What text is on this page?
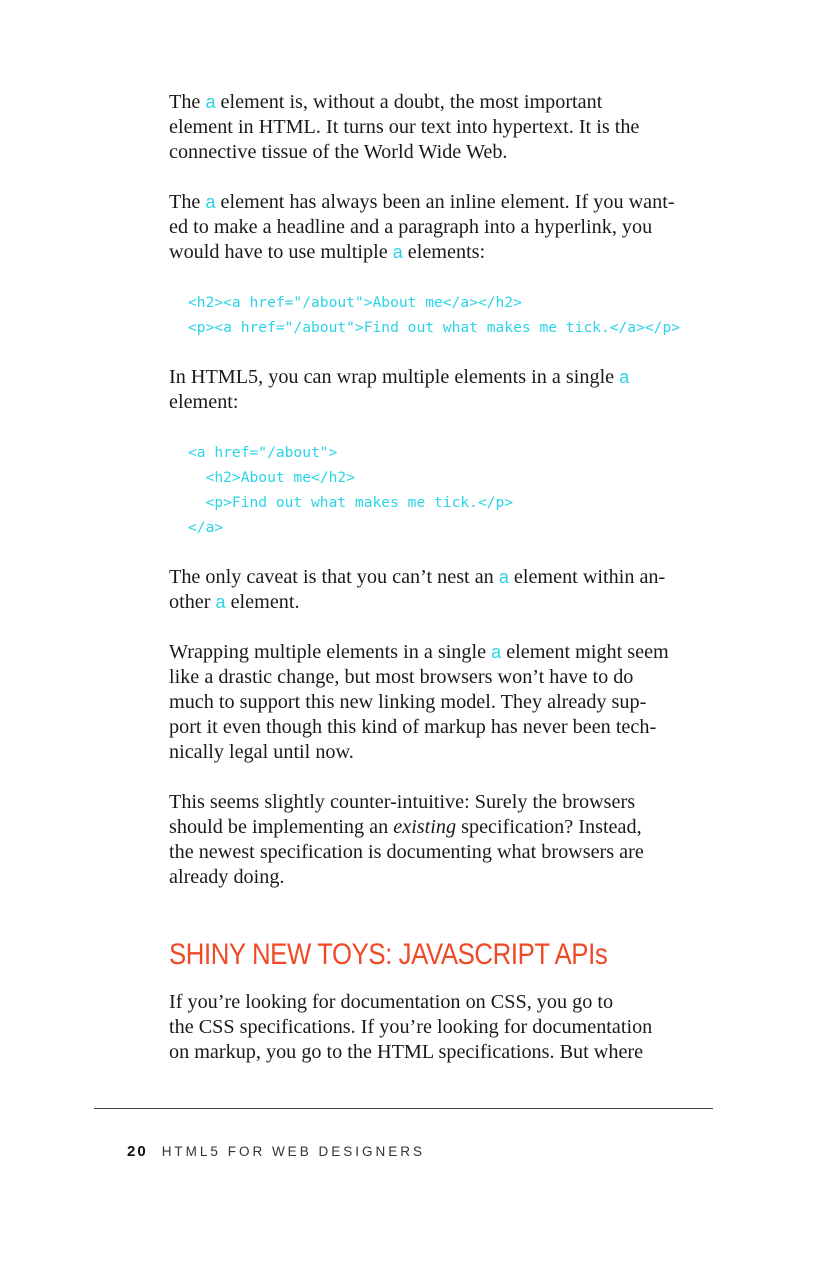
The a element is, without a doubt, the most important
element in HTML. It turns our text into hypertext. It is the
connective tissue of the World Wide Web.
The a element has always been an inline element. If you want-
ed to make a headline and a paragraph into a hyperlink, you
would have to use multiple a elements:
<h2><a href="/about">About me</a></h2>
<p><a href="/about">Find out what makes me tick.</a></p>
In HTML5, you can wrap multiple elements in a single a
element:
<a href="/about">
<h2>About me</h2>
<p>Find out what makes me tick.</p>
</a>
The only caveat is that you can’t nest an a element within an-
other a element.
Wrapping multiple elements in a single a element might seem
like a drastic change, but most browsers won’t have to do
much to support this new linking model. They already sup-
port it even though this kind of markup has never been tech-
nically legal until now.
This seems slightly counter-intuitive: Surely the browsers
should be implementing an existing specification? Instead,
the newest specification is documenting what browsers are
already doing.
SHINY NEW TOYS: JAVASCRIPT APIs
If you’re looking for documentation on CSS, you go to
the CSS specifications. If you’re looking for documentation
on markup, you go to the HTML specifications. But where
20 HTML5 FOR WEB DESIGNERS
